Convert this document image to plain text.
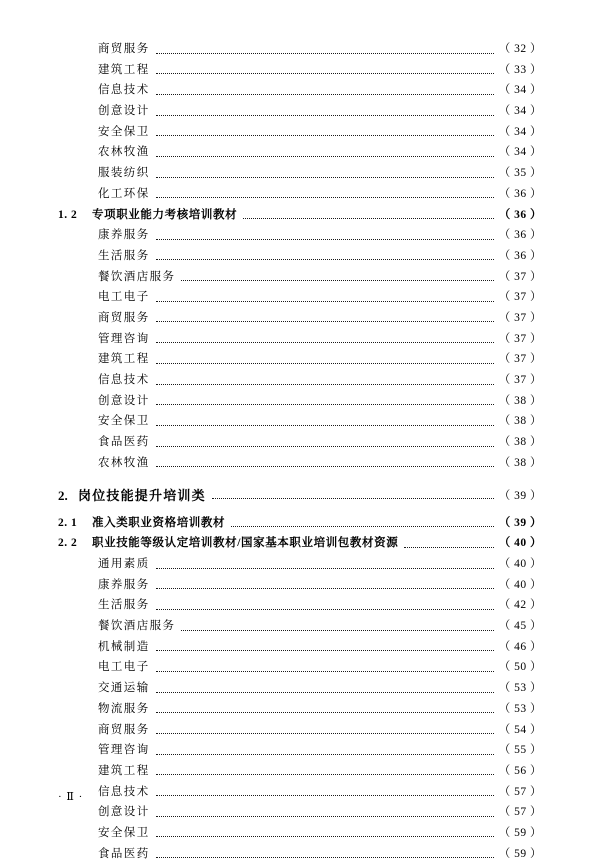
商贸服务	（ 32 ）
建筑工程	（ 33 ）
信息技术	（ 34 ）
创意设计	（ 34 ）
安全保卫	（ 34 ）
农林牧渔	（ 34 ）
服装纺织	（ 35 ）
化工环保	（ 36 ）
1. 2	专项职业能力考核培训教材	（ 36 ）
康养服务	（ 36 ）
生活服务	（ 36 ）
餐饮酒店服务	（ 37 ）
电工电子	（ 37 ）
商贸服务	（ 37 ）
管理咨询	（ 37 ）
建筑工程	（ 37 ）
信息技术	（ 37 ）
创意设计	（ 38 ）
安全保卫	（ 38 ）
食品医药	（ 38 ）
农林牧渔	（ 38 ）
2. 岗位技能提升培训类	（ 39 ）
2. 1	准入类职业资格培训教材	（ 39 ）
2. 2	职业技能等级认定培训教材/国家基本职业培训包教材资源	（ 40 ）
通用素质	（ 40 ）
康养服务	（ 40 ）
生活服务	（ 42 ）
餐饮酒店服务	（ 45 ）
机械制造	（ 46 ）
电工电子	（ 50 ）
交通运输	（ 53 ）
物流服务	（ 53 ）
商贸服务	（ 54 ）
管理咨询	（ 55 ）
建筑工程	（ 56 ）
信息技术	（ 57 ）
创意设计	（ 57 ）
安全保卫	（ 59 ）
食品医药	（ 59 ）
· Ⅱ ·
